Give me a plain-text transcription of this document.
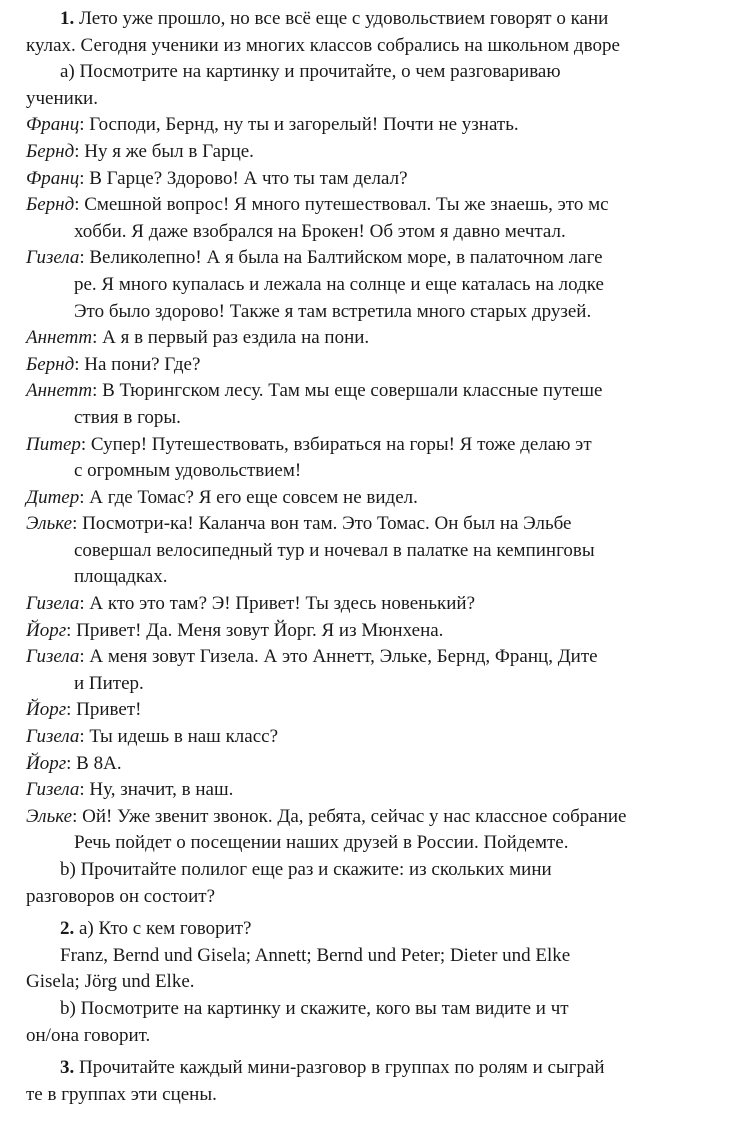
1. Лето уже прошло, но все всё еще с удовольствием говорят о кани
кулах. Сегодня ученики из многих классов собрались на школьном дворе
а) Посмотрите на картинку и прочитайте, о чем разговариваю
ученики.
Франц: Господи, Бернд, ну ты и загорелый! Почти не узнать.
Бернд: Ну я же был в Гарце.
Франц: В Гарце? Здорово! А что ты там делал?
Бернд: Смешной вопрос! Я много путешествовал. Ты же знаешь, это мс
хобби. Я даже взобрался на Брокен! Об этом я давно мечтал.
Гизела: Великолепно! А я была на Балтийском море, в палаточном лаге
ре. Я много купалась и лежала на солнце и еще каталась на лодке
Это было здорово! Также я там встретила много старых друзей.
Аннетт: А я в первый раз ездила на пони.
Бернд: На пони? Где?
Аннетт: В Тюрингском лесу. Там мы еще совершали классные путеше
ствия в горы.
Питер: Супер! Путешествовать, взбираться на горы! Я тоже делаю эт
с огромным удовольствием!
Дитер: А где Томас? Я его еще совсем не видел.
Эльке: Посмотри-ка! Каланча вон там. Это Томас. Он был на Эльбе
совершал велосипедный тур и ночевал в палатке на кемпинговы
площадках.
Гизела: А кто это там? Э! Привет! Ты здесь новенький?
Йорг: Привет! Да. Меня зовут Йорг. Я из Мюнхена.
Гизела: А меня зовут Гизела. А это Аннетт, Эльке, Бернд, Франц, Дите
и Питер.
Йорг: Привет!
Гизела: Ты идешь в наш класс?
Йорг: В 8А.
Гизела: Ну, значит, в наш.
Эльке: Ой! Уже звенит звонок. Да, ребята, сейчас у нас классное собрание
Речь пойдет о посещении наших друзей в России. Пойдемте.
b) Прочитайте полилог еще раз и скажите: из скольких мини
разговоров он состоит?
2. а) Кто с кем говорит?
Franz, Bernd und Gisela; Annett; Bernd und Peter; Dieter und Elke
Gisela; Jörg und Elke.
b) Посмотрите на картинку и скажите, кого вы там видите и чт
он/она говорит.
3. Прочитайте каждый мини-разговор в группах по ролям и сыграй
те в группах эти сцены.
